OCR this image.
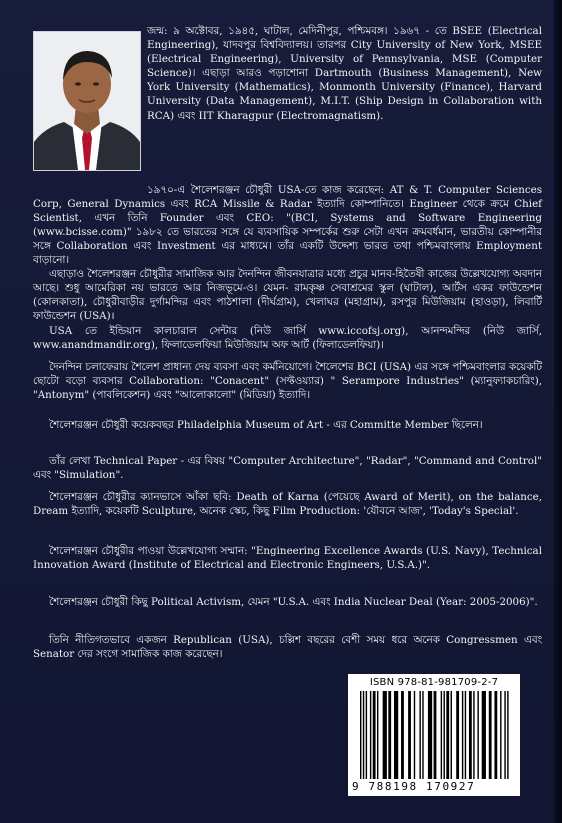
জন্ম: ৯ অক্টোবর, ১৯৪৫, ঘাটাল, মেদিনীপুর, পশ্চিমবঙ্গ। ১৯৬৭ - তে BSEE (Electrical Engineering), যাদবপুর বিশ্ববিদ্যালয়। তারপর City University of New York, MSEE (Electrical Engineering), University of Pennsylvania, MSE (Computer Science)। এছাড়া আরও পড়াশোনা Dartmouth (Business Management), New York University (Mathematics), Monmonth University (Finance), Harvard University (Data Management), M.I.T. (Ship Design in Collaboration with RCA) এবং IIT Kharagpur (Electromagnatism).

১৯৭০-এ শৈলেশরঞ্জন চৌধুরী USA-তে কাজ করেছেন: AT & T. Computer Sciences Corp, General Dynamics এবং RCA Missile & Radar ইত্যাদি কোম্পানিতে। Engineer থেকে ক্রমে Chief Scientist, এখন তিনি Founder এবং CEO: "(BCI, Systems and Software Engineering (www.bcisse.com)" ১৯৮২ তে ভারতের সঙ্গে যে ব্যবসায়িক সম্পর্কের শুরু সেটা এখন ক্রমবর্ধমান, ভারতীয় কোম্পানীর সঙ্গে Collaboration এবং Investment এর মাধ্যমে। তাঁর একটি উদ্দেশ্য ভারত তথা পশ্চিমবাংলায় Employment বাড়ানো।

এছাড়াও শৈলেশরঞ্জন চৌধুরীর সামাজিক আর দৈনন্দিন জীবনযাত্রার মধ্যে প্রচুর মানব-হিতৈষী কাজের উল্লেখযোগ্য অবদান আছে। শুধু আমেরিকা নয় ভারতে আর নিজভূমে-ও। যেমন- রামকৃষ্ণ সেবাশ্রমের স্কুল (ঘাটাল), আর্টস একর ফাউন্ডেশন (কোলকাতা), চৌধুরীবাড়ীর দুর্গামন্দির এবং পাঠশালা (দীর্ঘগ্রাম), খেলাঘর (মহাগ্রাম), রসপুর মিউজিয়াম (হাওড়া), লিবার্টি ফাউন্ডেশন (USA)।

USA তে ইন্ডিয়ান কালচারাল সেন্টার (নিউ জার্সি www.iccofsj.org), আনন্দমন্দির (নিউ জার্সি, www.anandmandir.org), ফিলাডেলফিয়া মিউজিয়াম অফ আর্ট (ফিলাডেলফিয়া)।

দৈনন্দিন চলাফেরায় শৈলেশ প্রাধান্য দেয় ব্যবসা এবং কর্মনিয়োগে। শৈলেশের BCI (USA) এর সঙ্গে পশ্চিমবাংলার কয়েকটি ছোটো বড়ো ব্যবসার Collaboration: "Conacent" (সফ্টওয়্যার) " Serampore Industries" (ম্যানুফ্যাকচারিং), "Antonym" (পাবলিকেশন) এবং "আলোকালো" (মিডিয়া) ইত্যাদি।

শৈলেশরঞ্জন চৌধুরী কয়েকবছর Philadelphia Museum of Art - এর Committe Member ছিলেন।

তাঁর লেখা Technical Paper - এর বিষয় "Computer Architecture", "Radar", "Command and Control" এবং "Simulation".

শৈলেশরঞ্জন চৌধুরীর ক্যানভাসে আঁকা ছবি: Death of Karna (পেয়েছে Award of Merit), on the balance, Dream ইত্যাদি, কয়েকটি Sculpture, অনেক স্কেচ, কিছু Film Production: 'যৌবনে আজ', 'Today's Special'.

শৈলেশরঞ্জন চৌধুরীর পাওয়া উল্লেখযোগ্য সম্মান: "Engineering Excellence Awards (U.S. Navy), Technical Innovation Award (Institute of Electrical and Electronic Engineers, U.S.A.)".

শৈলেশরঞ্জন চৌধুরী কিছু Political Activism, যেমন "U.S.A. এবং India Nuclear Deal (Year: 2005-2006)".

তিনি নীতিগতভাবে একজন Republican (USA), চল্লিশ বছরের বেশী সময় ধরে অনেক Congressmen এবং Senator দের সংগে সামাজিক কাজ করেছেন।

ISBN 978-81-981709-2-7
9 788198 170927
